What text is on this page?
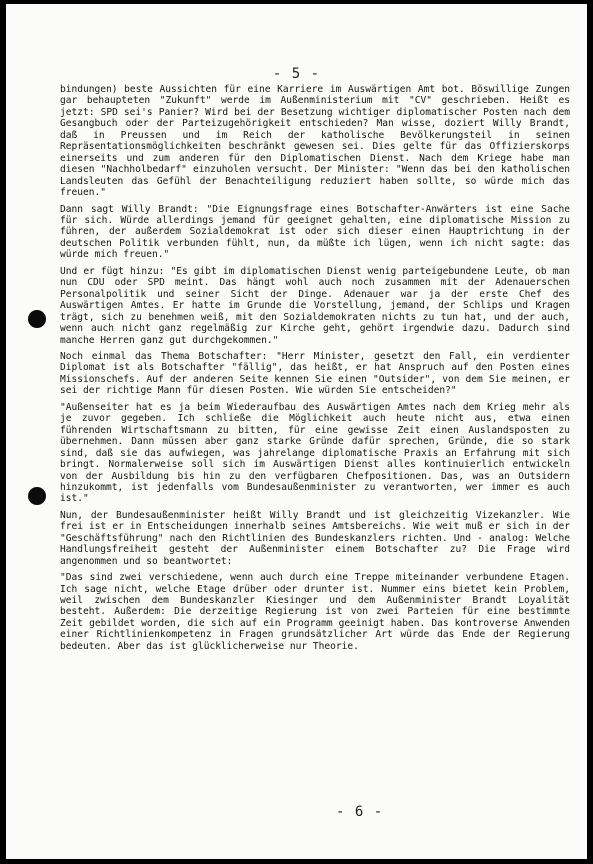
- 5 -

bindungen) beste Aussichten für eine Karriere im Auswärtigen Amt bot. Böswillige Zungen gar behaupteten "Zukunft" werde im Außenministerium mit "CV" geschrieben. Heißt es jetzt: SPD sei's Panier? Wird bei der Besetzung wichtiger diplomatischer Posten nach dem Gesangbuch oder der Parteizugehörigkeit entschieden? Man wisse, doziert Willy Brandt, daß in Preussen und im Reich der katholische Bevölkerungsteil in seinen Repräsentationsmöglichkeiten beschränkt gewesen sei. Dies gelte für das Offizierskorps einerseits und zum anderen für den Diplomatischen Dienst. Nach dem Kriege habe man diesen "Nachholbedarf" einzuholen versucht. Der Minister: "Wenn das bei den katholischen Landsleuten das Gefühl der Benachteiligung reduziert haben sollte, so würde mich das freuen."

Dann sagt Willy Brandt: "Die Eignungsfrage eines Botschafter-Anwärters ist eine Sache für sich. Würde allerdings jemand für geeignet gehalten, eine diplomatische Mission zu führen, der außerdem Sozialdemokrat ist oder sich dieser einen Hauptrichtung in der deutschen Politik verbunden fühlt, nun, da müßte ich lügen, wenn ich nicht sagte: das würde mich freuen."

Und er fügt hinzu: "Es gibt im diplomatischen Dienst wenig parteigebundene Leute, ob man nun CDU oder SPD meint. Das hängt wohl auch noch zusammen mit der Adenauerschen Personalpolitik und seiner Sicht der Dinge. Adenauer war ja der erste Chef des Auswärtigen Amtes. Er hatte im Grunde die Vorstellung, jemand, der Schlips und Kragen trägt, sich zu benehmen weiß, mit den Sozialdemokraten nichts zu tun hat, und der auch, wenn auch nicht ganz regelmäßig zur Kirche geht, gehört irgendwie dazu. Dadurch sind manche Herren ganz gut durchgekommen."

Noch einmal das Thema Botschafter: "Herr Minister, gesetzt den Fall, ein verdienter Diplomat ist als Botschafter "fällig", das heißt, er hat Anspruch auf den Posten eines Missionschefs. Auf der anderen Seite kennen Sie einen "Outsider", von dem Sie meinen, er sei der richtige Mann für diesen Posten. Wie würden Sie entscheiden?"

"Außenseiter hat es ja beim Wiederaufbau des Auswärtigen Amtes nach dem Krieg mehr als je zuvor gegeben. Ich schließe die Möglichkeit auch heute nicht aus, etwa einen führenden Wirtschaftsmann zu bitten, für eine gewisse Zeit einen Auslandsposten zu übernehmen. Dann müssen aber ganz starke Gründe dafür sprechen, Gründe, die so stark sind, daß sie das aufwiegen, was jahrelange diplomatische Praxis an Erfahrung mit sich bringt. Normalerweise soll sich im Auswärtigen Dienst alles kontinuierlich entwickeln von der Ausbildung bis hin zu den verfügbaren Chefpositionen. Das, was an Outsidern hinzukommt, ist jedenfalls vom Bundesaußenminister zu verantworten, wer immer es auch ist."

Nun, der Bundesaußenminister heißt Willy Brandt und ist gleichzeitig Vizekanzler. Wie frei ist er in Entscheidungen innerhalb seines Amtsbereichs. Wie weit muß er sich in der "Geschäftsführung" nach den Richtlinien des Bundeskanzlers richten. Und - analog: Welche Handlungsfreiheit gesteht der Außenminister einem Botschafter zu? Die Frage wird angenommen und so beantwortet:

"Das sind zwei verschiedene, wenn auch durch eine Treppe miteinander verbundene Etagen. Ich sage nicht, welche Etage drüber oder drunter ist. Nummer eins bietet kein Problem, weil zwischen dem Bundeskanzler Kiesinger und dem Außenminister Brandt Loyalität besteht. Außerdem: Die derzeitige Regierung ist von zwei Parteien für eine bestimmte Zeit gebildet worden, die sich auf ein Programm geeinigt haben. Das kontroverse Anwenden einer Richtlinienkompetenz in Fragen grundsätzlicher Art würde das Ende der Regierung bedeuten. Aber das ist glücklicherweise nur Theorie.

- 6 -
